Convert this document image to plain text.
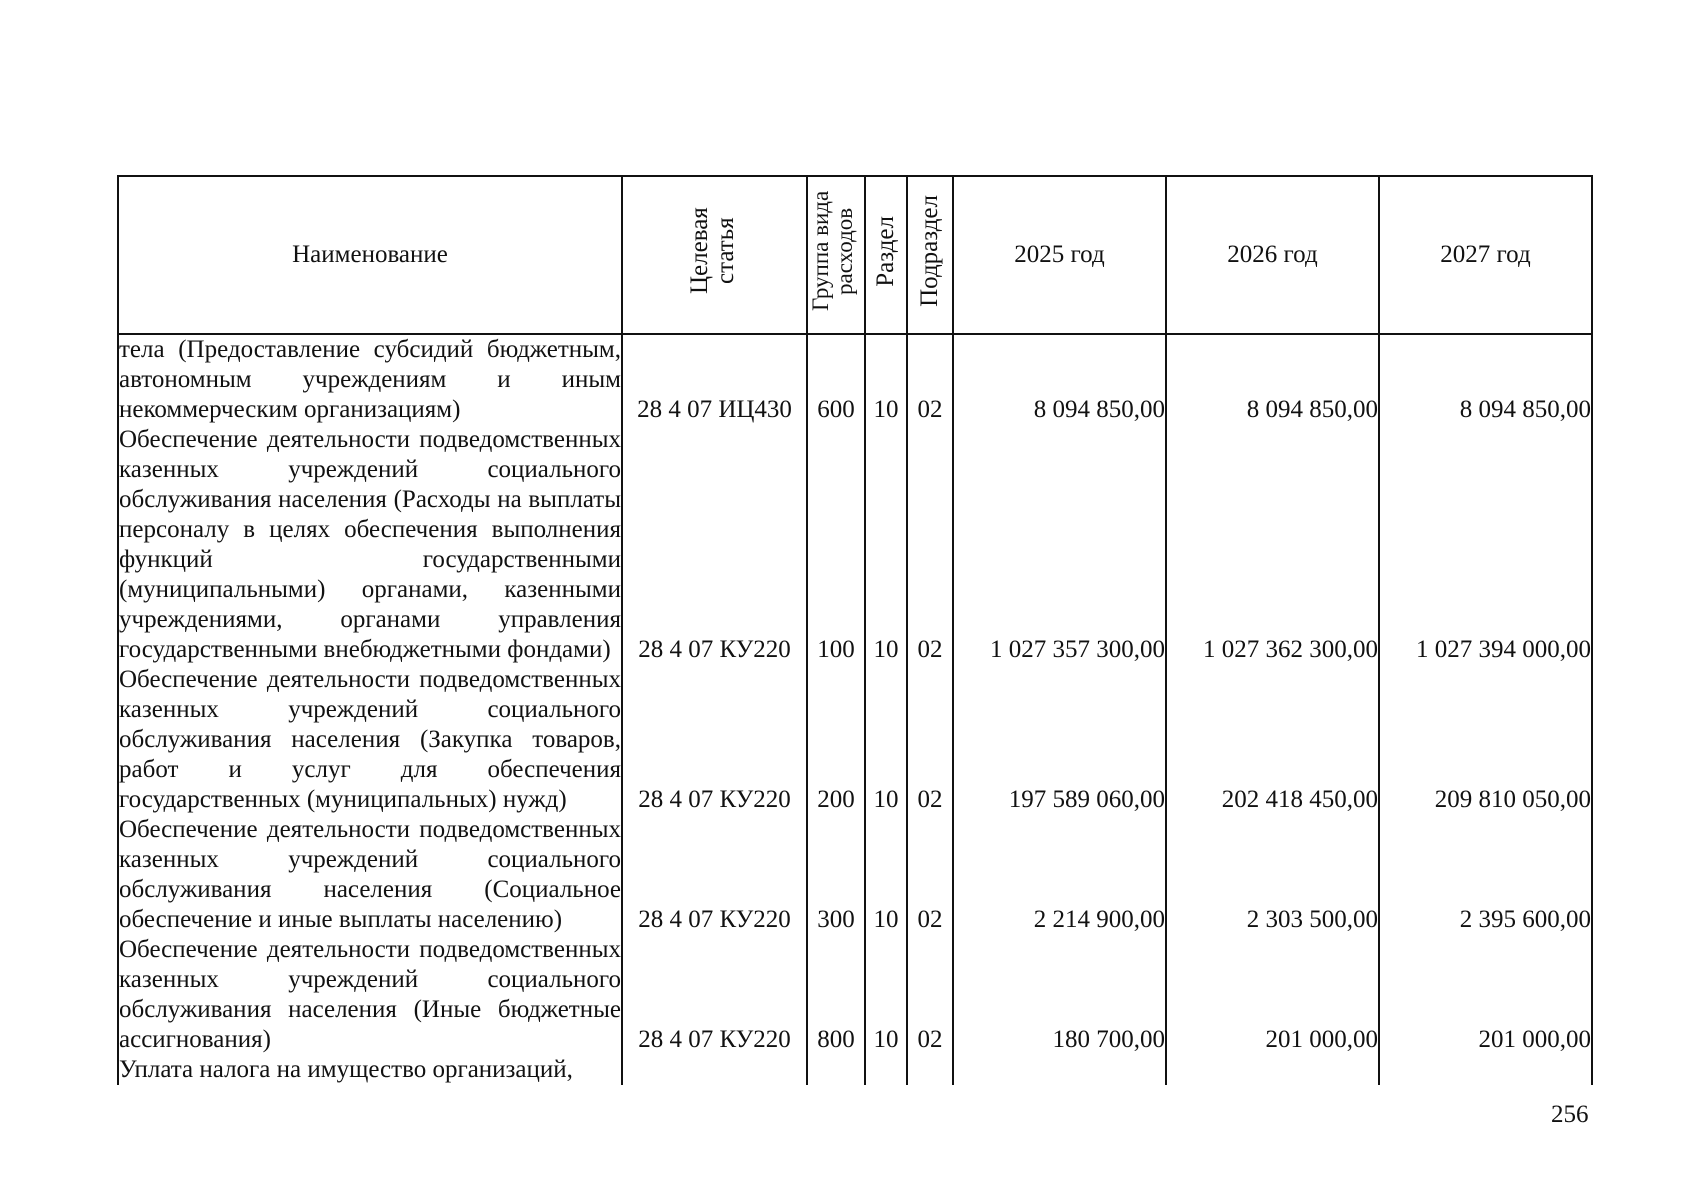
Наименование	Целевая статья	Группа вида расходов	Раздел	Подраздел	2025 год	2026 год	2027 год
тела (Предоставление субсидий бюджетным, автономным учреждениям и иным некоммерческим организациям)	28 4 07 ИЦ430	600	10	02	8 094 850,00	8 094 850,00	8 094 850,00
Обеспечение деятельности подведомственных казенных учреждений социального обслуживания населения (Расходы на выплаты персоналу в целях обеспечения выполнения функций государственными (муниципальными) органами, казенными учреждениями, органами управления государственными внебюджетными фондами)	28 4 07 КУ220	100	10	02	1 027 357 300,00	1 027 362 300,00	1 027 394 000,00
Обеспечение деятельности подведомственных казенных учреждений социального обслуживания населения (Закупка товаров, работ и услуг для обеспечения государственных (муниципальных) нужд)	28 4 07 КУ220	200	10	02	197 589 060,00	202 418 450,00	209 810 050,00
Обеспечение деятельности подведомственных казенных учреждений социального обслуживания населения (Социальное обеспечение и иные выплаты населению)	28 4 07 КУ220	300	10	02	2 214 900,00	2 303 500,00	2 395 600,00
Обеспечение деятельности подведомственных казенных учреждений социального обслуживания населения (Иные бюджетные ассигнования)	28 4 07 КУ220	800	10	02	180 700,00	201 000,00	201 000,00
Уплата налога на имущество организаций,							
256
